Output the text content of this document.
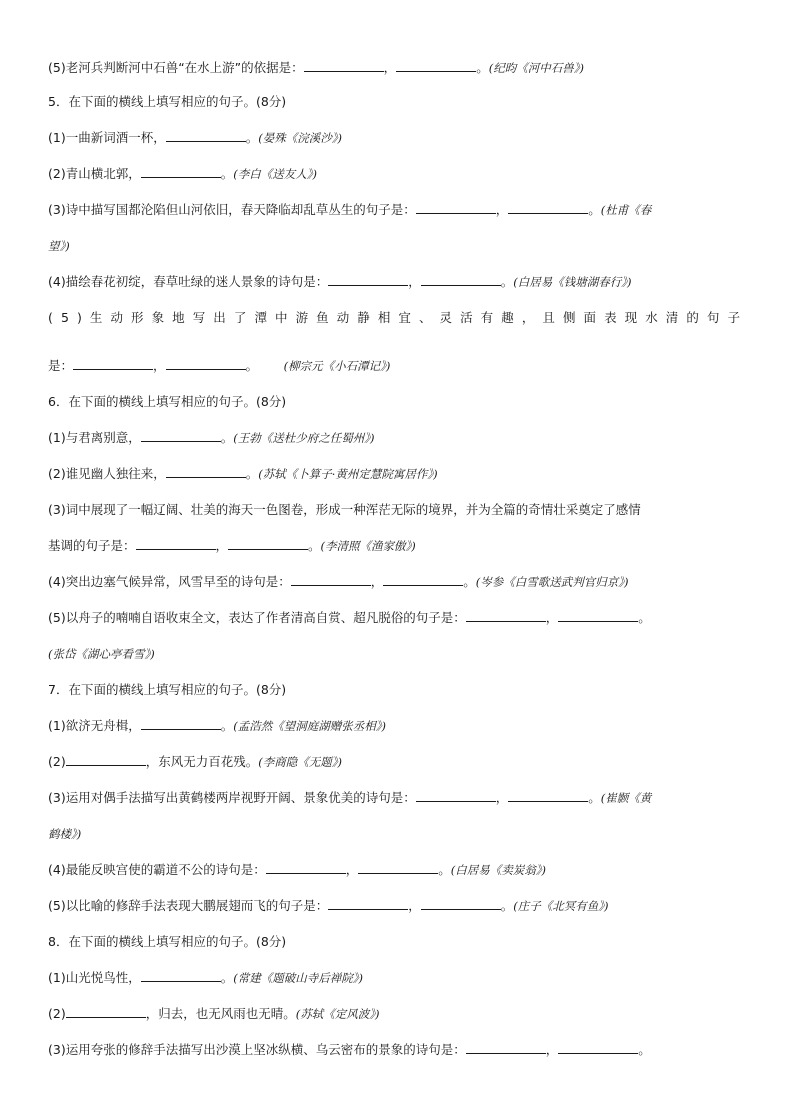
(5)老河兵判断河中石兽“在水上游”的依据是：	，	。(纪昀《河中石兽》)
5．在下面的横线上填写相应的句子。(8分)
(1)一曲新词酒一杯，	。(晏殊《浣溪沙》)
(2)青山横北郭，	。(李白《送友人》)
(3)诗中描写国都沦陷但山河依旧，春天降临却乱草丛生的句子是：	，	。(杜甫《春
望》)
(4)描绘春花初绽，春草吐绿的迷人景象的诗句是：	，	。(白居易《钱塘湖春行》)
(5)生动形象地写出了潭中游鱼动静相宜、灵活有趣，且侧面表现水清的句子
是：	，	。       (柳宗元《小石潭记》)
6．在下面的横线上填写相应的句子。(8分)
(1)与君离别意，	。(王勃《送杜少府之任蜀州》)
(2)谁见幽人独往来，	。(苏轼《卜算子·黄州定慧院寓居作》)
(3)词中展现了一幅辽阔、壮美的海天一色图卷，形成一种浑茫无际的境界，并为全篇的奇情壮采奠定了感情
基调的句子是：	，	。(李清照《渔家傲》)
(4)突出边塞气候异常，风雪早至的诗句是：	，	。(岑参《白雪歌送武判官归京》)
(5)以舟子的喃喃自语收束全文，表达了作者清高自赏、超凡脱俗的句子是：	，	。
(张岱《湖心亭看雪》)
7．在下面的横线上填写相应的句子。(8分)
(1)欲济无舟楫，	。(孟浩然《望洞庭湖赠张丞相》)
(2)	，东风无力百花残。(李商隐《无题》)
(3)运用对偶手法描写出黄鹤楼两岸视野开阔、景象优美的诗句是：	，	。(崔颢《黄
鹤楼》)
(4)最能反映宫使的霸道不公的诗句是：	，	。(白居易《卖炭翁》)
(5)以比喻的修辞手法表现大鹏展翅而飞的句子是：	，	。(庄子《北冥有鱼》)
8．在下面的横线上填写相应的句子。(8分)
(1)山光悦鸟性，	。(常建《题破山寺后禅院》)
(2)	，归去，也无风雨也无晴。(苏轼《定风波》)
(3)运用夸张的修辞手法描写出沙漠上坚冰纵横、乌云密布的景象的诗句是：	，	。
